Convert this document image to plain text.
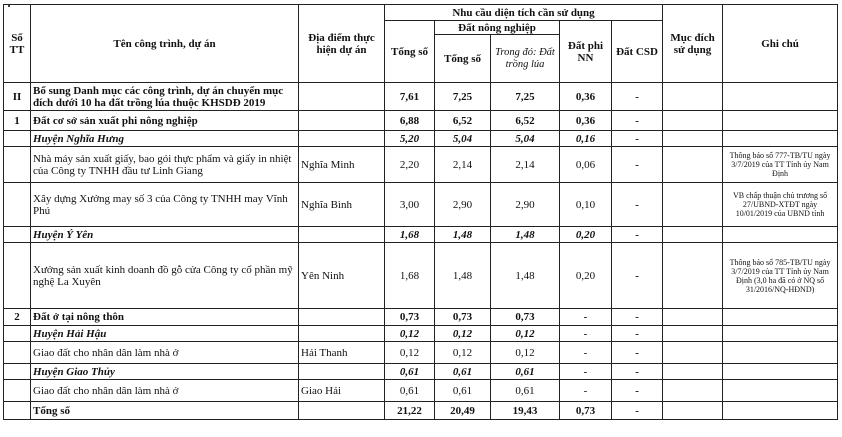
Số TT	Tên công trình, dự án	Địa điểm thực hiện dự án	Nhu cầu diện tích cần sử dụng					Mục đích sử dụng	Ghi chú
			Tổng số	Đất nông nghiệp		Đất phi NN	Đất CSD		
				Tổng số	Trong đó: Đất trồng lúa				
II	Bổ sung Danh mục các công trình, dự án chuyển mục đích dưới 10 ha đất trồng lúa thuộc KHSDĐ 2019		7,61	7,25	7,25	0,36	-		
1	Đất cơ sở sản xuất phi nông nghiệp		6,88	6,52	6,52	0,36	-		
	Huyện Nghĩa Hưng		5,20	5,04	5,04	0,16	-		
	Nhà máy sản xuất giấy, bao gói thực phẩm và giấy in nhiệt của Công ty TNHH đầu tư Linh Giang	Nghĩa Minh	2,20	2,14	2,14	0,06	-		Thông báo số 777-TB/TU ngày 3/7/2019 của TT Tỉnh ủy Nam Định
	Xây dựng Xưởng may số 3 của Công ty TNHH may Vĩnh Phú	Nghĩa Bình	3,00	2,90	2,90	0,10	-		VB chấp thuận chủ trương số 27/UBND-XTĐT ngày 10/01/2019 của UBND tỉnh
	Huyện Ý Yên		1,68	1,48	1,48	0,20	-		
	Xưởng sản xuất kinh doanh đồ gỗ cửa Công ty cổ phần mỹ nghệ La Xuyên	Yên Ninh	1,68	1,48	1,48	0,20	-		Thông báo số 785-TB/TU ngày 3/7/2019 của TT Tỉnh ủy Nam Định (3,0 ha đã có ở NQ số 31/2016/NQ-HĐND)
2	Đất ở tại nông thôn		0,73	0,73	0,73	-	-		
	Huyện Hải Hậu		0,12	0,12	0,12	-	-		
	Giao đất cho nhân dân làm nhà ở	Hải Thanh	0,12	0,12	0,12	-	-		
	Huyện Giao Thủy		0,61	0,61	0,61	-	-		
	Giao đất cho nhân dân làm nhà ở	Giao Hải	0,61	0,61	0,61	-	-		
	Tổng số		21,22	20,49	19,43	0,73	-		
